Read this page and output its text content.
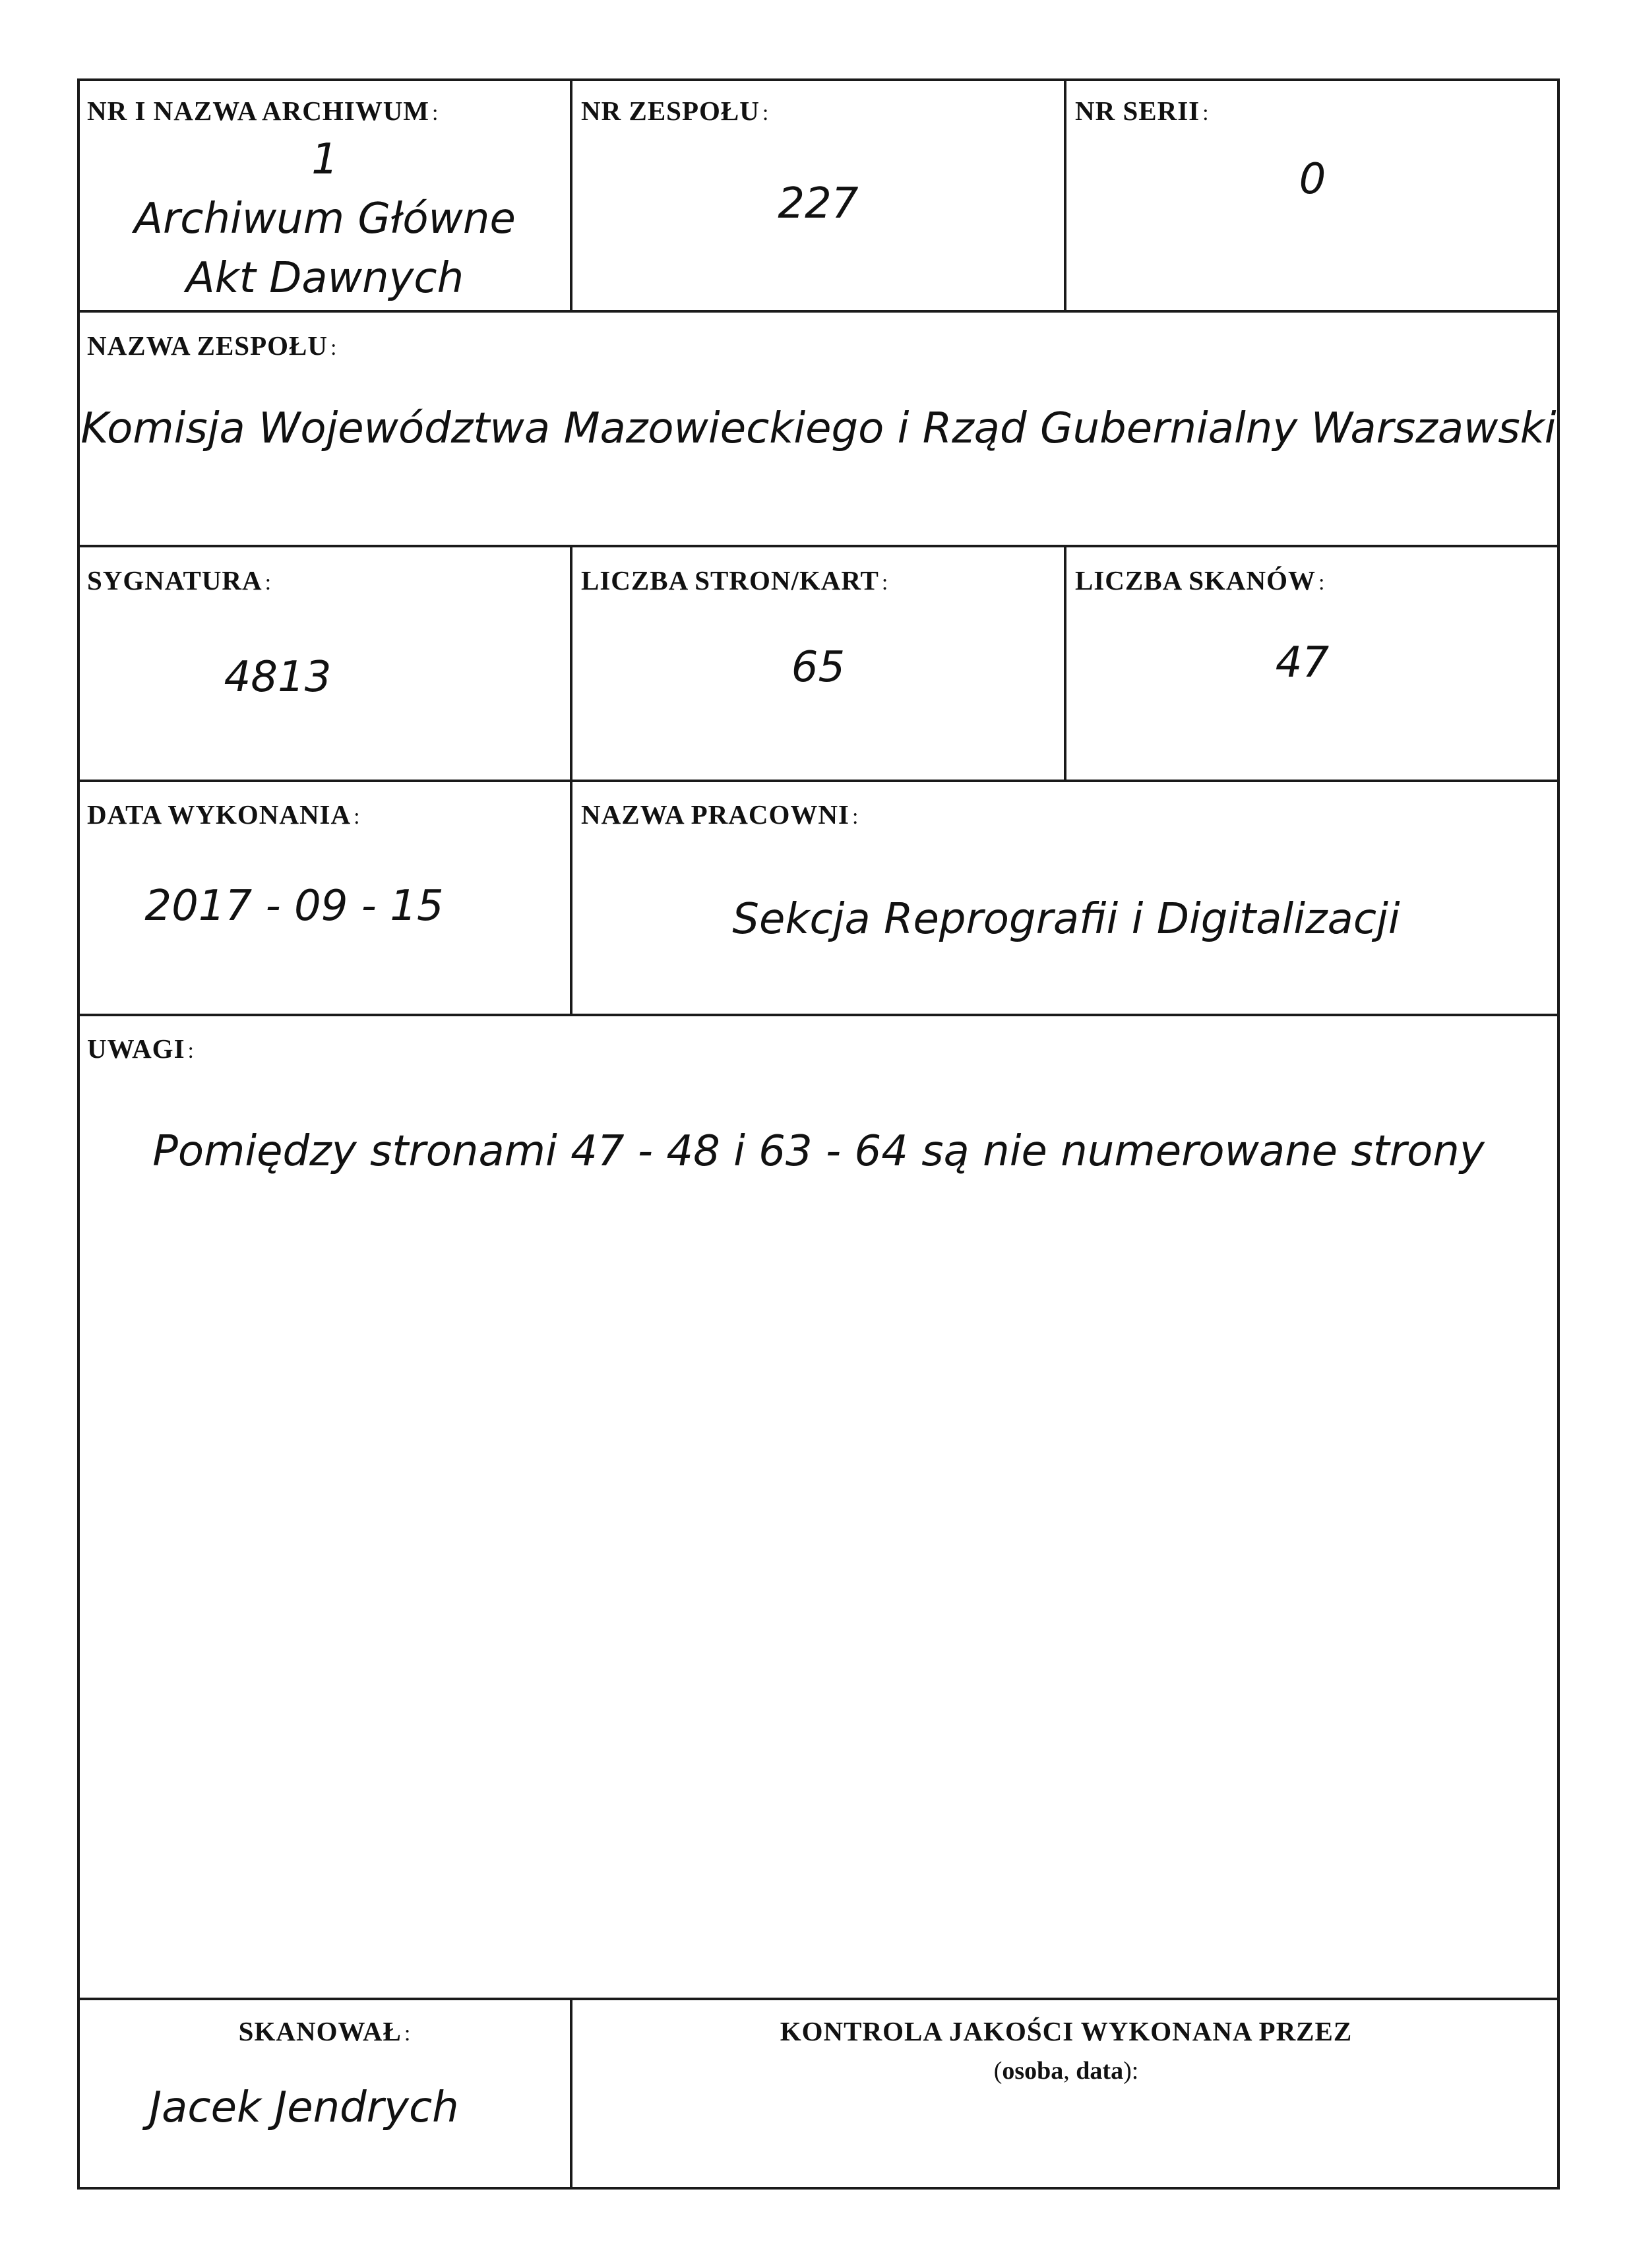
NR I NAZWA ARCHIWUM :
1
Archiwum Główne
Akt Dawnych
NR ZESPOŁU :
227
NR SERII :
0
NAZWA ZESPOŁU :
Komisja Województwa Mazowieckiego i Rząd Gubernialny Warszawski
SYGNATURA :
4813
LICZBA STRON/KART :
65
LICZBA SKANÓW :
47
DATA WYKONANIA :
2017 - 09 - 15
NAZWA PRACOWNI :
Sekcja Reprografii i Digitalizacji
UWAGI :
Pomiędzy stronami 47 - 48 i 63 - 64 są nie numerowane strony
SKANOWAŁ :
Jacek Jendrych
KONTROLA JAKOŚCI WYKONANA PRZEZ
(osoba, data):
